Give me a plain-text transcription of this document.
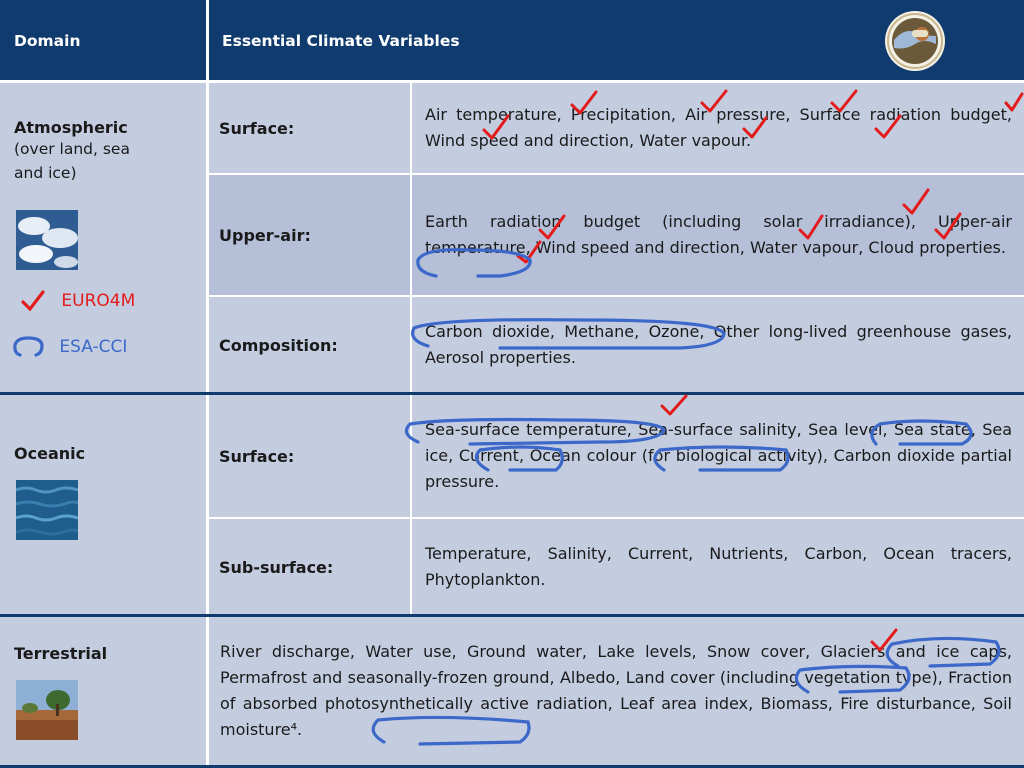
Domain	Essential Climate Variables
Atmospheric
(over land, sea and ice)
EURO4M
ESA-CCI
Surface:
Air temperature, Precipitation, Air pressure, Surface radiation budget, Wind speed and direction, Water vapour.
Upper-air:
Earth radiation budget (including solar irradiance), Upper-air temperature, Wind speed and direction, Water vapour, Cloud properties.
Composition:
Carbon dioxide, Methane, Ozone, Other long-lived greenhouse gases, Aerosol properties.
Oceanic	Surface:
Sea-surface temperature, Sea-surface salinity, Sea level, Sea state, Sea ice, Current, Ocean colour (for biological activity), Carbon dioxide partial pressure.
Sub-surface:
Temperature, Salinity, Current, Nutrients, Carbon, Ocean tracers, Phytoplankton.
Terrestrial	River discharge, Water use, Ground water, Lake levels, Snow cover, Glaciers and ice caps, Permafrost and seasonally-frozen ground, Albedo, Land cover (including vegetation type), Fraction of absorbed photosynthetically active radiation, Leaf area index, Biomass, Fire disturbance, Soil moisture⁴.
